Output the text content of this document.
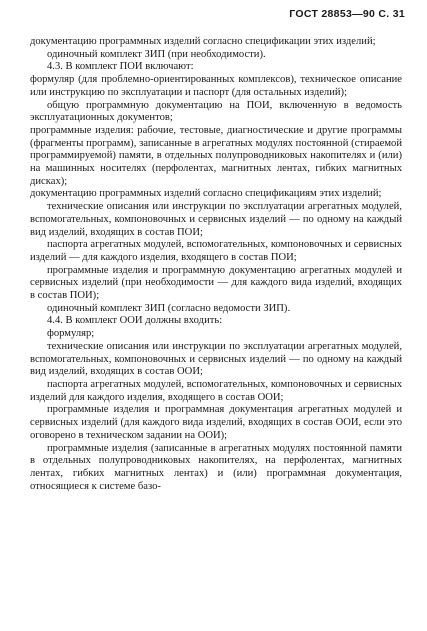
ГОСТ 28853—90 С. 31

документацию программных изделий согласно спецификации этих изделий;

одиночный комплект ЗИП (при необходимости).

4.3. В комплект ПОИ включают:

формуляр (для проблемно-ориентированных комплексов), техническое описание или инструкцию по эксплуатации и паспорт (для остальных изделий);

общую программную документацию на ПОИ, включенную в ведомость эксплуатационных документов;

программные изделия: рабочие, тестовые, диагностические и другие программы (фрагменты программ), записанные в агрегатных модулях постоянной (стираемой программируемой) памяти, в отдельных полупроводниковых накопителях и (или) на машинных носителях (перфолентах, магнитных лентах, гибких магнитных дисках);

документацию программных изделий согласно спецификациям этих изделий;

технические описания или инструкции по эксплуатации агрегатных модулей, вспомогательных, компоновочных и сервисных изделий — по одному на каждый вид изделий, входящих в состав ПОИ;

паспорта агрегатных модулей, вспомогательных, компоновочных и сервисных изделий — для каждого изделия, входящего в состав ПОИ;

программные изделия и программную документацию агрегатных модулей и сервисных изделий (при необходимости — для каждого вида изделий, входящих в состав ПОИ);

одиночный комплект ЗИП (согласно ведомости ЗИП).

4.4. В комплект ООИ должны входить:

формуляр;

технические описания или инструкции по эксплуатации агрегатных модулей, вспомогательных, компоновочных и сервисных изделий — по одному на каждый вид изделий, входящих в состав ООИ;

паспорта агрегатных модулей, вспомогательных, компоновочных и сервисных изделий для каждого изделия, входящего в состав ООИ;

программные изделия и программная документация агрегатных модулей и сервисных изделий (для каждого вида изделий, входящих в состав ООИ, если это оговорено в техническом задании на ООИ);

программные изделия (записанные в агрегатных модулях постоянной памяти в отдельных полупроводниковых накопителях, на перфолентах, магнитных лентах, гибких магнитных лентах) и (или) программная документация, относящиеся к системе базо-
